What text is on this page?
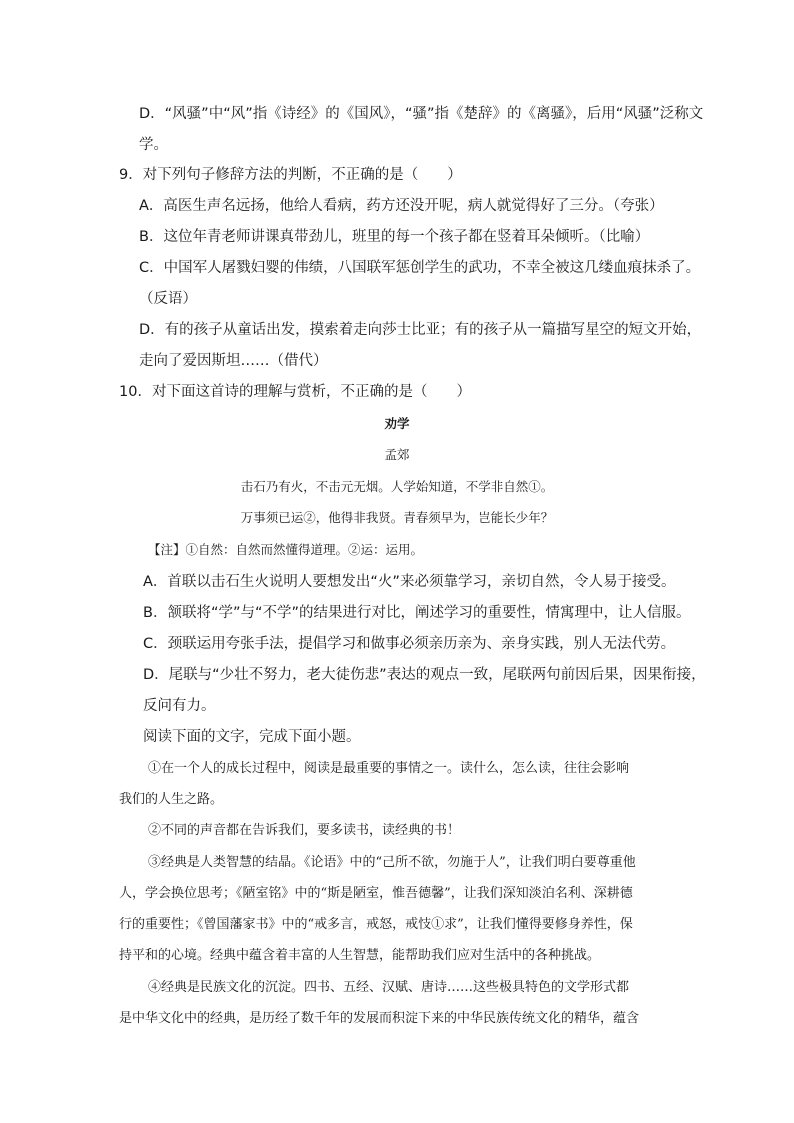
D．“风骚”中“风”指《诗经》的《国风》，“骚”指《楚辞》的《离骚》，后用“风骚”泛称文
学。
9．对下列句子修辞方法的判断，不正确的是（　　）
A．高医生声名远扬，他给人看病，药方还没开呢，病人就觉得好了三分。（夸张）
B．这位年青老师讲课真带劲儿，班里的每一个孩子都在竖着耳朵倾听。（比喻）
C．中国军人屠戮妇婴的伟绩，八国联军惩创学生的武功，不幸全被这几缕血痕抹杀了。
（反语）
D．有的孩子从童话出发，摸索着走向莎士比亚；有的孩子从一篇描写星空的短文开始，
走向了爱因斯坦……（借代）
10．对下面这首诗的理解与赏析，不正确的是（　　）
劝学
孟郊
击石乃有火，不击元无烟。人学始知道，不学非自然①。
万事须已运②，他得非我贤。青春须早为，岂能长少年？
【注】①自然：自然而然懂得道理。②运：运用。
A．首联以击石生火说明人要想发出“火”来必须靠学习，亲切自然，令人易于接受。
B．颔联将“学”与“不学”的结果进行对比，阐述学习的重要性，情寓理中，让人信服。
C．颈联运用夸张手法，提倡学习和做事必须亲历亲为、亲身实践，别人无法代劳。
D．尾联与“少壮不努力，老大徒伤悲”表达的观点一致，尾联两句前因后果，因果衔接，
反问有力。
阅读下面的文字，完成下面小题。
①在一个人的成长过程中，阅读是最重要的事情之一。读什么，怎么读，往往会影响
我们的人生之路。
②不同的声音都在告诉我们，要多读书，读经典的书！
③经典是人类智慧的结晶。《论语》中的“己所不欲，勿施于人”，让我们明白要尊重他
人，学会换位思考；《陋室铭》中的“斯是陋室，惟吾德馨”，让我们深知淡泊名利、深耕德
行的重要性；《曾国藩家书》中的“戒多言，戒怒，戒忮①求”，让我们懂得要修身养性，保
持平和的心境。经典中蕴含着丰富的人生智慧，能帮助我们应对生活中的各种挑战。
④经典是民族文化的沉淀。四书、五经、汉赋、唐诗……这些极具特色的文学形式都
是中华文化中的经典，是历经了数千年的发展而积淀下来的中华民族传统文化的精华，蕴含
